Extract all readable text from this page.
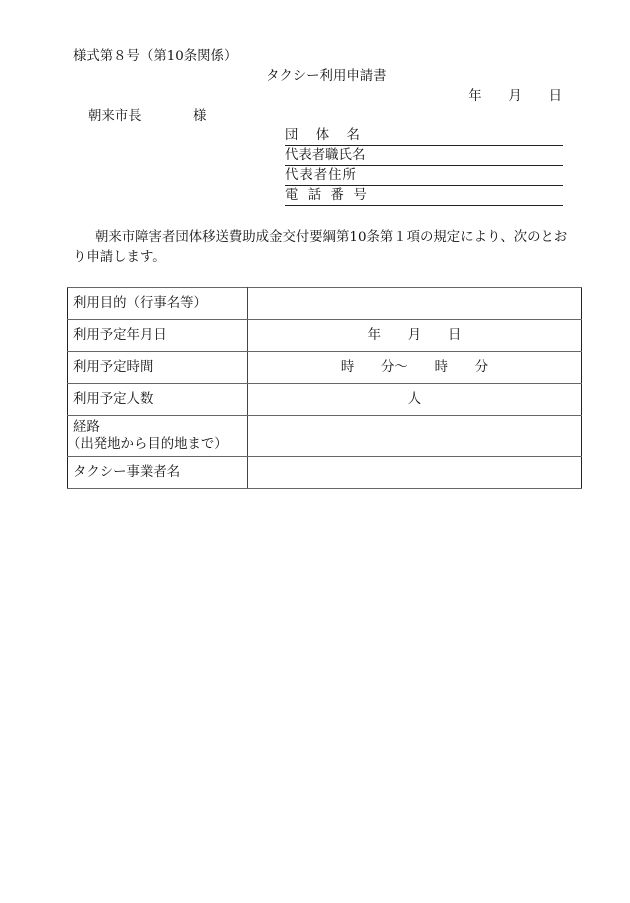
様式第８号（第10条関係）
タクシー利用申請書
年　　月　　日
朝来市長	様
団　体　名
代表者職氏名
代表者住所
電　話　番　号
朝来市障害者団体移送費助成金交付要綱第10条第１項の規定により、次のとお
り申請します。
利用目的（行事名等）	
利用予定年月日	年　　月　　日
利用予定時間	時　　分～　　時　　分
利用予定人数	人
経路
（出発地から目的地まで）	

タクシー事業者名	
